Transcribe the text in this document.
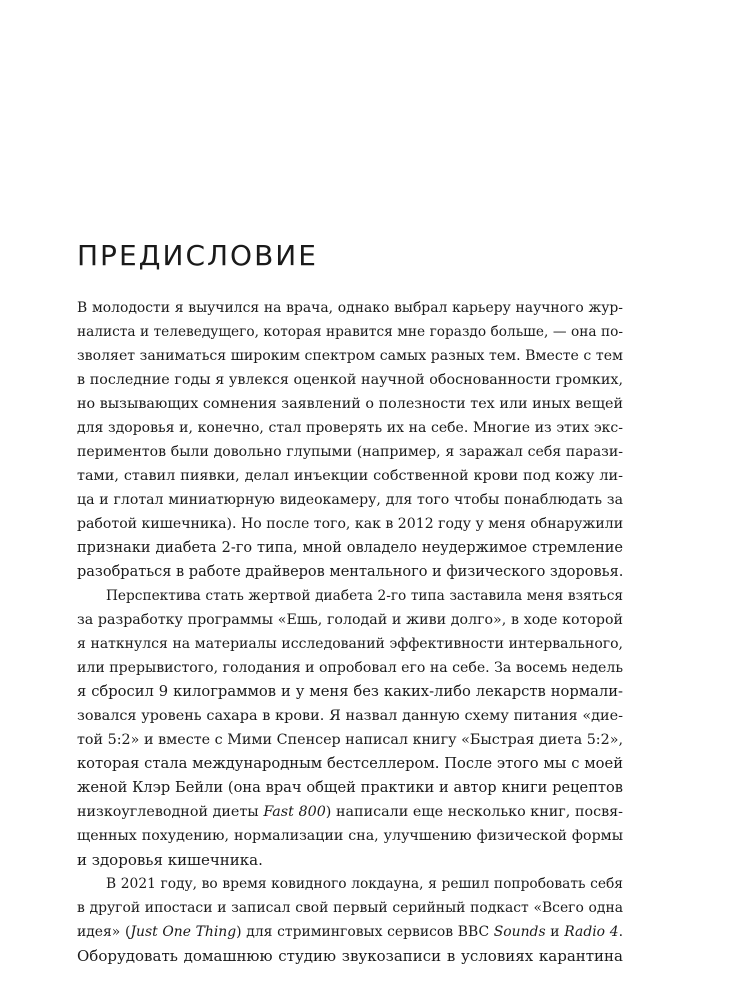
ПРЕДИСЛОВИЕ
В молодости я выучился на врача, однако выбрал карьеру научного жур-
налиста и телеведущего, которая нравится мне гораздо больше, — она по-
зволяет заниматься широким спектром самых разных тем. Вместе с тем
в последние годы я увлекся оценкой научной обоснованности громких,
но вызывающих сомнения заявлений о полезности тех или иных вещей
для здоровья и, конечно, стал проверять их на себе. Многие из этих экс-
периментов были довольно глупыми (например, я заражал себя парази-
тами, ставил пиявки, делал инъекции собственной крови под кожу ли-
ца и глотал миниатюрную видеокамеру, для того чтобы понаблюдать за
работой кишечника). Но после того, как в 2012 году у меня обнаружили
признаки диабета 2-го типа, мной овладело неудержимое стремление
разобраться в работе драйверов ментального и физического здоровья.
Перспектива стать жертвой диабета 2-го типа заставила меня взяться
за разработку программы «Ешь, голодай и живи долго», в ходе которой
я наткнулся на материалы исследований эффективности интервального,
или прерывистого, голодания и опробовал его на себе. За восемь недель
я сбросил 9 килограммов и у меня без каких-либо лекарств нормали-
зовался уровень сахара в крови. Я назвал данную схему питания «дие-
той 5:2» и вместе с Мими Спенсер написал книгу «Быстрая диета 5:2»,
которая стала международным бестселлером. После этого мы с моей
женой Клэр Бейли (она врач общей практики и автор книги рецептов
низкоуглеводной диеты Fast 800) написали еще несколько книг, посвя-
щенных похудению, нормализации сна, улучшению физической формы
и здоровья кишечника.
В 2021 году, во время ковидного локдауна, я решил попробовать себя
в другой ипостаси и записал свой первый серийный подкаст «Всего одна
идея» (Just One Thing) для стриминговых сервисов BBC Sounds и Radio 4.
Оборудовать домашнюю студию звукозаписи в условиях карантина
